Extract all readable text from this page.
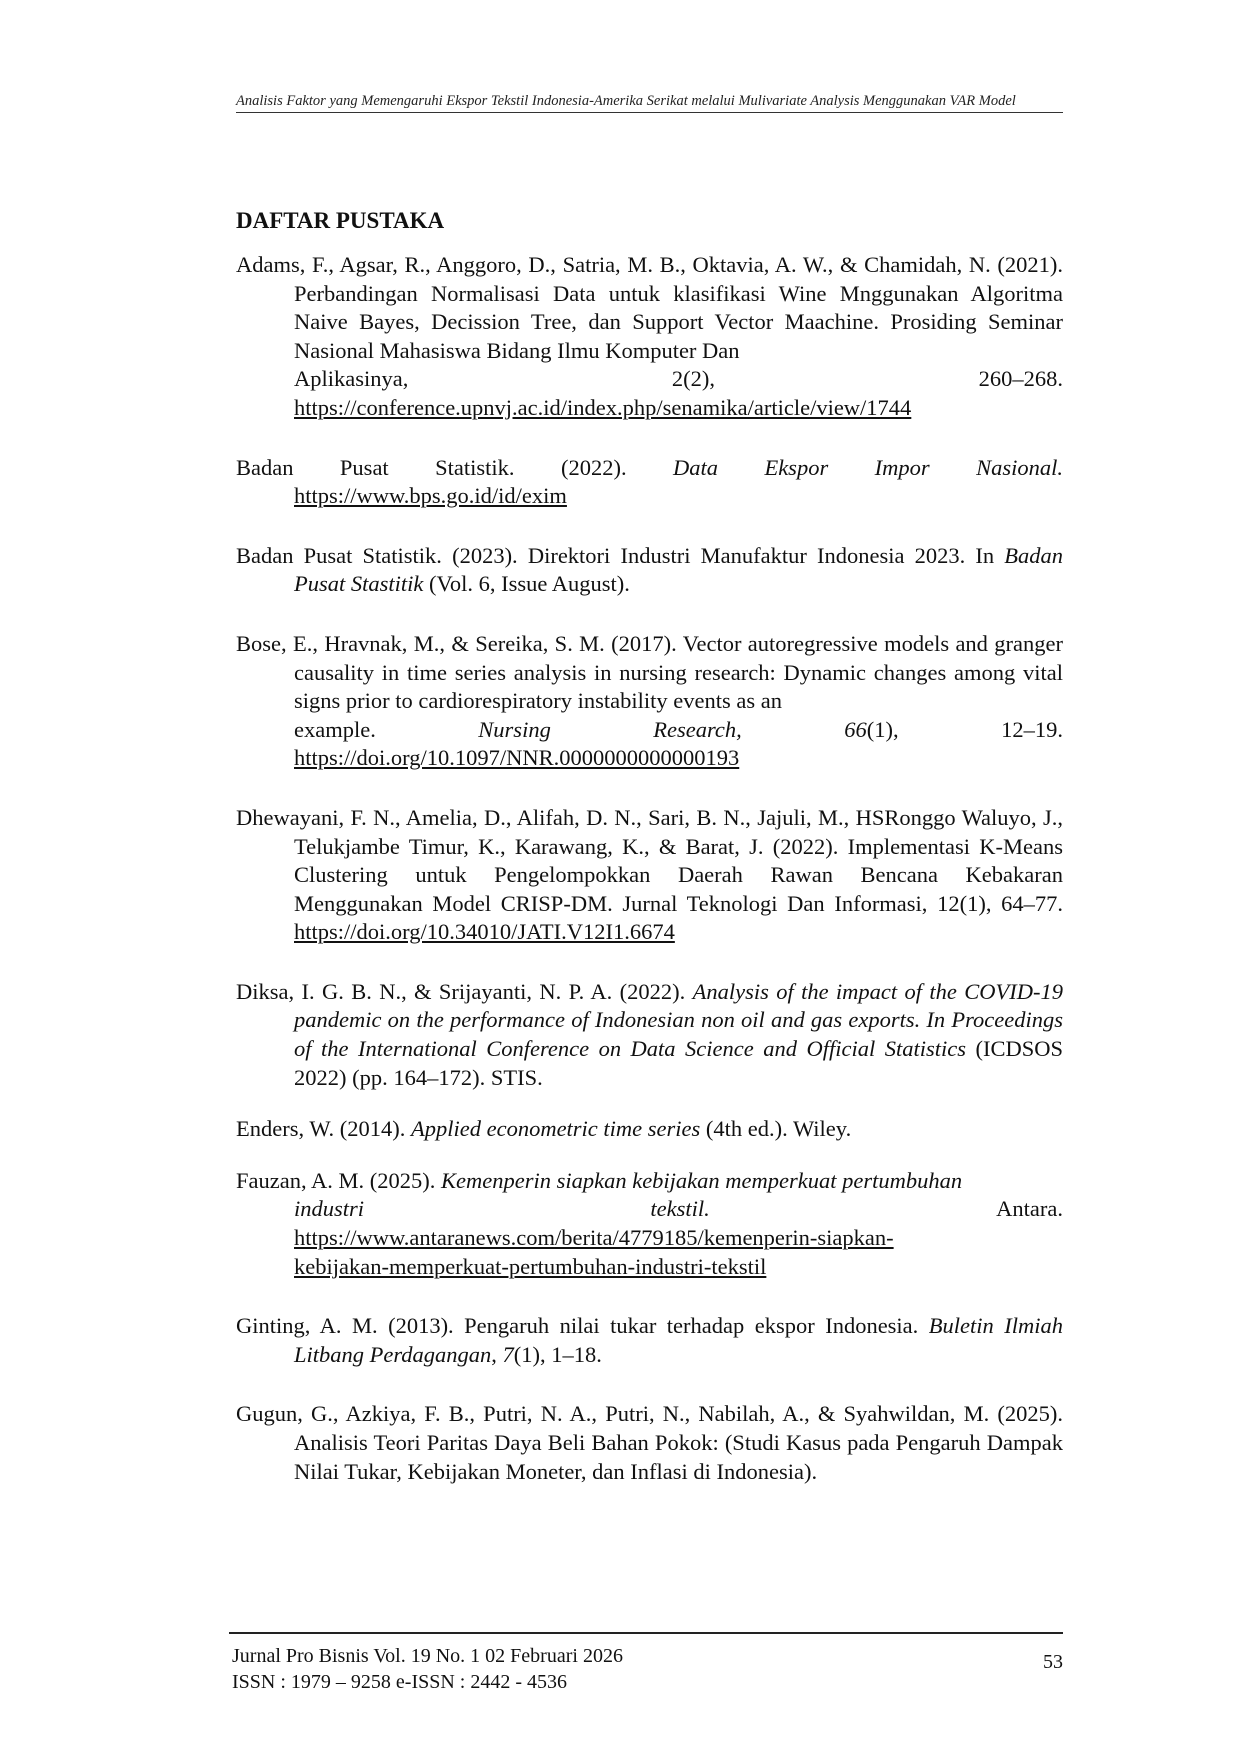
Analisis Faktor yang Memengaruhi Ekspor Tekstil Indonesia-Amerika Serikat melalui Mulivariate Analysis Menggunakan VAR Model
DAFTAR PUSTAKA

Adams, F., Agsar, R., Anggoro, D., Satria, M. B., Oktavia, A. W., & Chamidah, N. (2021). Perbandingan Normalisasi Data untuk klasifikasi Wine Mnggunakan Algoritma Naive Bayes, Decission Tree, dan Support Vector Maachine. Prosiding Seminar Nasional Mahasiswa Bidang Ilmu Komputer Dan
Aplikasinya,	2(2),	260–268.
https://conference.upnvj.ac.id/index.php/senamika/article/view/1744

Badan Pusat Statistik. (2022). Data Ekspor Impor Nasional.
https://www.bps.go.id/id/exim

Badan Pusat Statistik. (2023). Direktori Industri Manufaktur Indonesia 2023. In Badan Pusat Stastitik (Vol. 6, Issue August).

Bose, E., Hravnak, M., & Sereika, S. M. (2017). Vector autoregressive models and granger causality in time series analysis in nursing research: Dynamic changes among vital signs prior to cardiorespiratory instability events as an
example.	Nursing	Research,	66(1),	12–19.
https://doi.org/10.1097/NNR.0000000000000193

Dhewayani, F. N., Amelia, D., Alifah, D. N., Sari, B. N., Jajuli, M., HSRonggo Waluyo, J., Telukjambe Timur, K., Karawang, K., & Barat, J. (2022). Implementasi K-Means Clustering untuk Pengelompokkan Daerah Rawan Bencana Kebakaran Menggunakan Model CRISP-DM. Jurnal Teknologi Dan Informasi, 12(1), 64–77. https://doi.org/10.34010/JATI.V12I1.6674

Diksa, I. G. B. N., & Srijayanti, N. P. A. (2022). Analysis of the impact of the COVID-19 pandemic on the performance of Indonesian non oil and gas exports. In Proceedings of the International Conference on Data Science and Official Statistics (ICDSOS 2022) (pp. 164–172). STIS.

Enders, W. (2014). Applied econometric time series (4th ed.). Wiley.

Fauzan, A. M. (2025). Kemenperin siapkan kebijakan memperkuat pertumbuhan
industri	tekstil.	Antara.
https://www.antaranews.com/berita/4779185/kemenperin-siapkan-
kebijakan-memperkuat-pertumbuhan-industri-tekstil

Ginting, A. M. (2013). Pengaruh nilai tukar terhadap ekspor Indonesia. Buletin Ilmiah Litbang Perdagangan, 7(1), 1–18.

Gugun, G., Azkiya, F. B., Putri, N. A., Putri, N., Nabilah, A., & Syahwildan, M. (2025). Analisis Teori Paritas Daya Beli Bahan Pokok: (Studi Kasus pada Pengaruh Dampak Nilai Tukar, Kebijakan Moneter, dan Inflasi di Indonesia).

Jurnal Pro Bisnis Vol. 19 No. 1 02 Februari 2026
ISSN : 1979 – 9258 e-ISSN : 2442 - 4536
53
